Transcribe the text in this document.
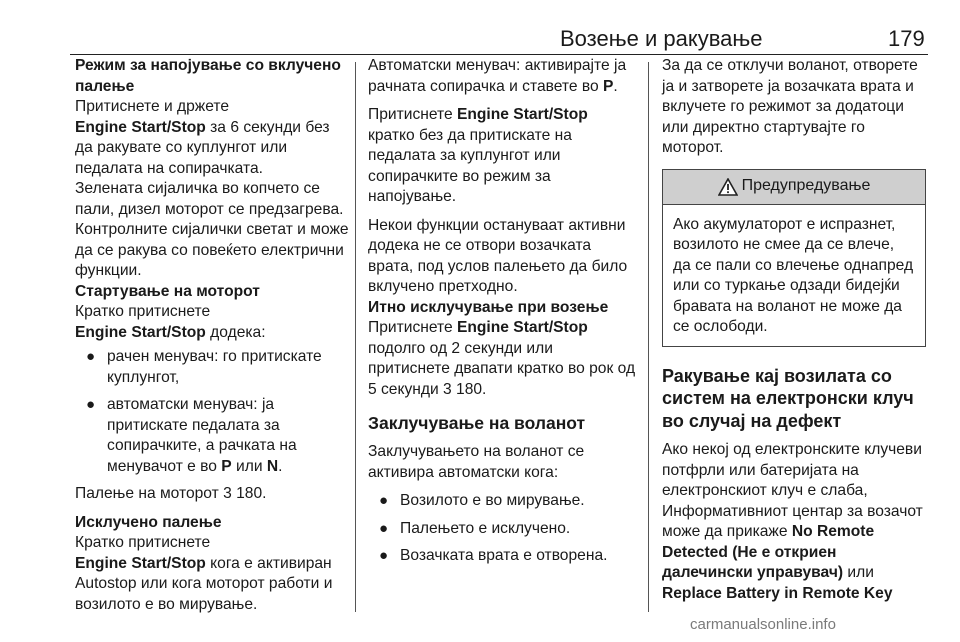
Возење и ракување	179

Режим за напојување со вклучено палење

Притиснете и држете

Engine Start/Stop за 6 секунди без да ракувате со куплунгот или педалата на сопирачката.

Зелената сијаличка во копчето се пали, дизел моторот се предзагрева. Контролните сијалички светат и може да се ракува со повеќето електрични функции.

Стартување на моторот

Кратко притиснете

Engine Start/Stop додека:

● рачен менувач: го притискате куплунгот,
● автоматски менувач: ја притискате педалата за сопирачките, а рачката на менувачот е во P или N.

Палење на моторот 3 180.

Исклучено палење

Кратко притиснете

Engine Start/Stop кога е активиран Autostop или кога моторот работи и возилото е во мирување.

Автоматски менувач: активирајте ја рачната сопирачка и ставете во P.

Притиснете Engine Start/Stop кратко без да притискате на педалата за куплунгот или сопирачките во режим за напојување.

Некои функции остануваат активни додека не се отвори возачката врата, под услов палењето да било вклучено претходно.

Итно исклучување при возење

Притиснете Engine Start/Stop подолго од 2 секунди или притиснете двапати кратко во рок од 5 секунди 3 180.

Заклучување на воланот

Заклучувањето на воланот се активира автоматски кога:

● Возилото е во мирување.
● Палењето е исклучено.
● Возачката врата е отворена.

За да се отклучи воланот, отворете ја и затворете ја возачката врата и вклучете го режимот за додатоци или директно стартувајте го моторот.

Предупредување
Ако акумулаторот е испразнет, возилото не смее да се влече, да се пали со влечење однапред или со туркање одзади бидејќи бравата на воланот не може да се ослободи.

Ракување кај возилата со систем на електронски клуч во случај на дефект

Ако некој од електронските клучеви потфрли или батеријата на електронскиот клуч е слаба, Информативниот центар за возачот може да прикаже No Remote Detected (Не е откриен далечински управувач) или Replace Battery in Remote Key

carmanualsonline.info
